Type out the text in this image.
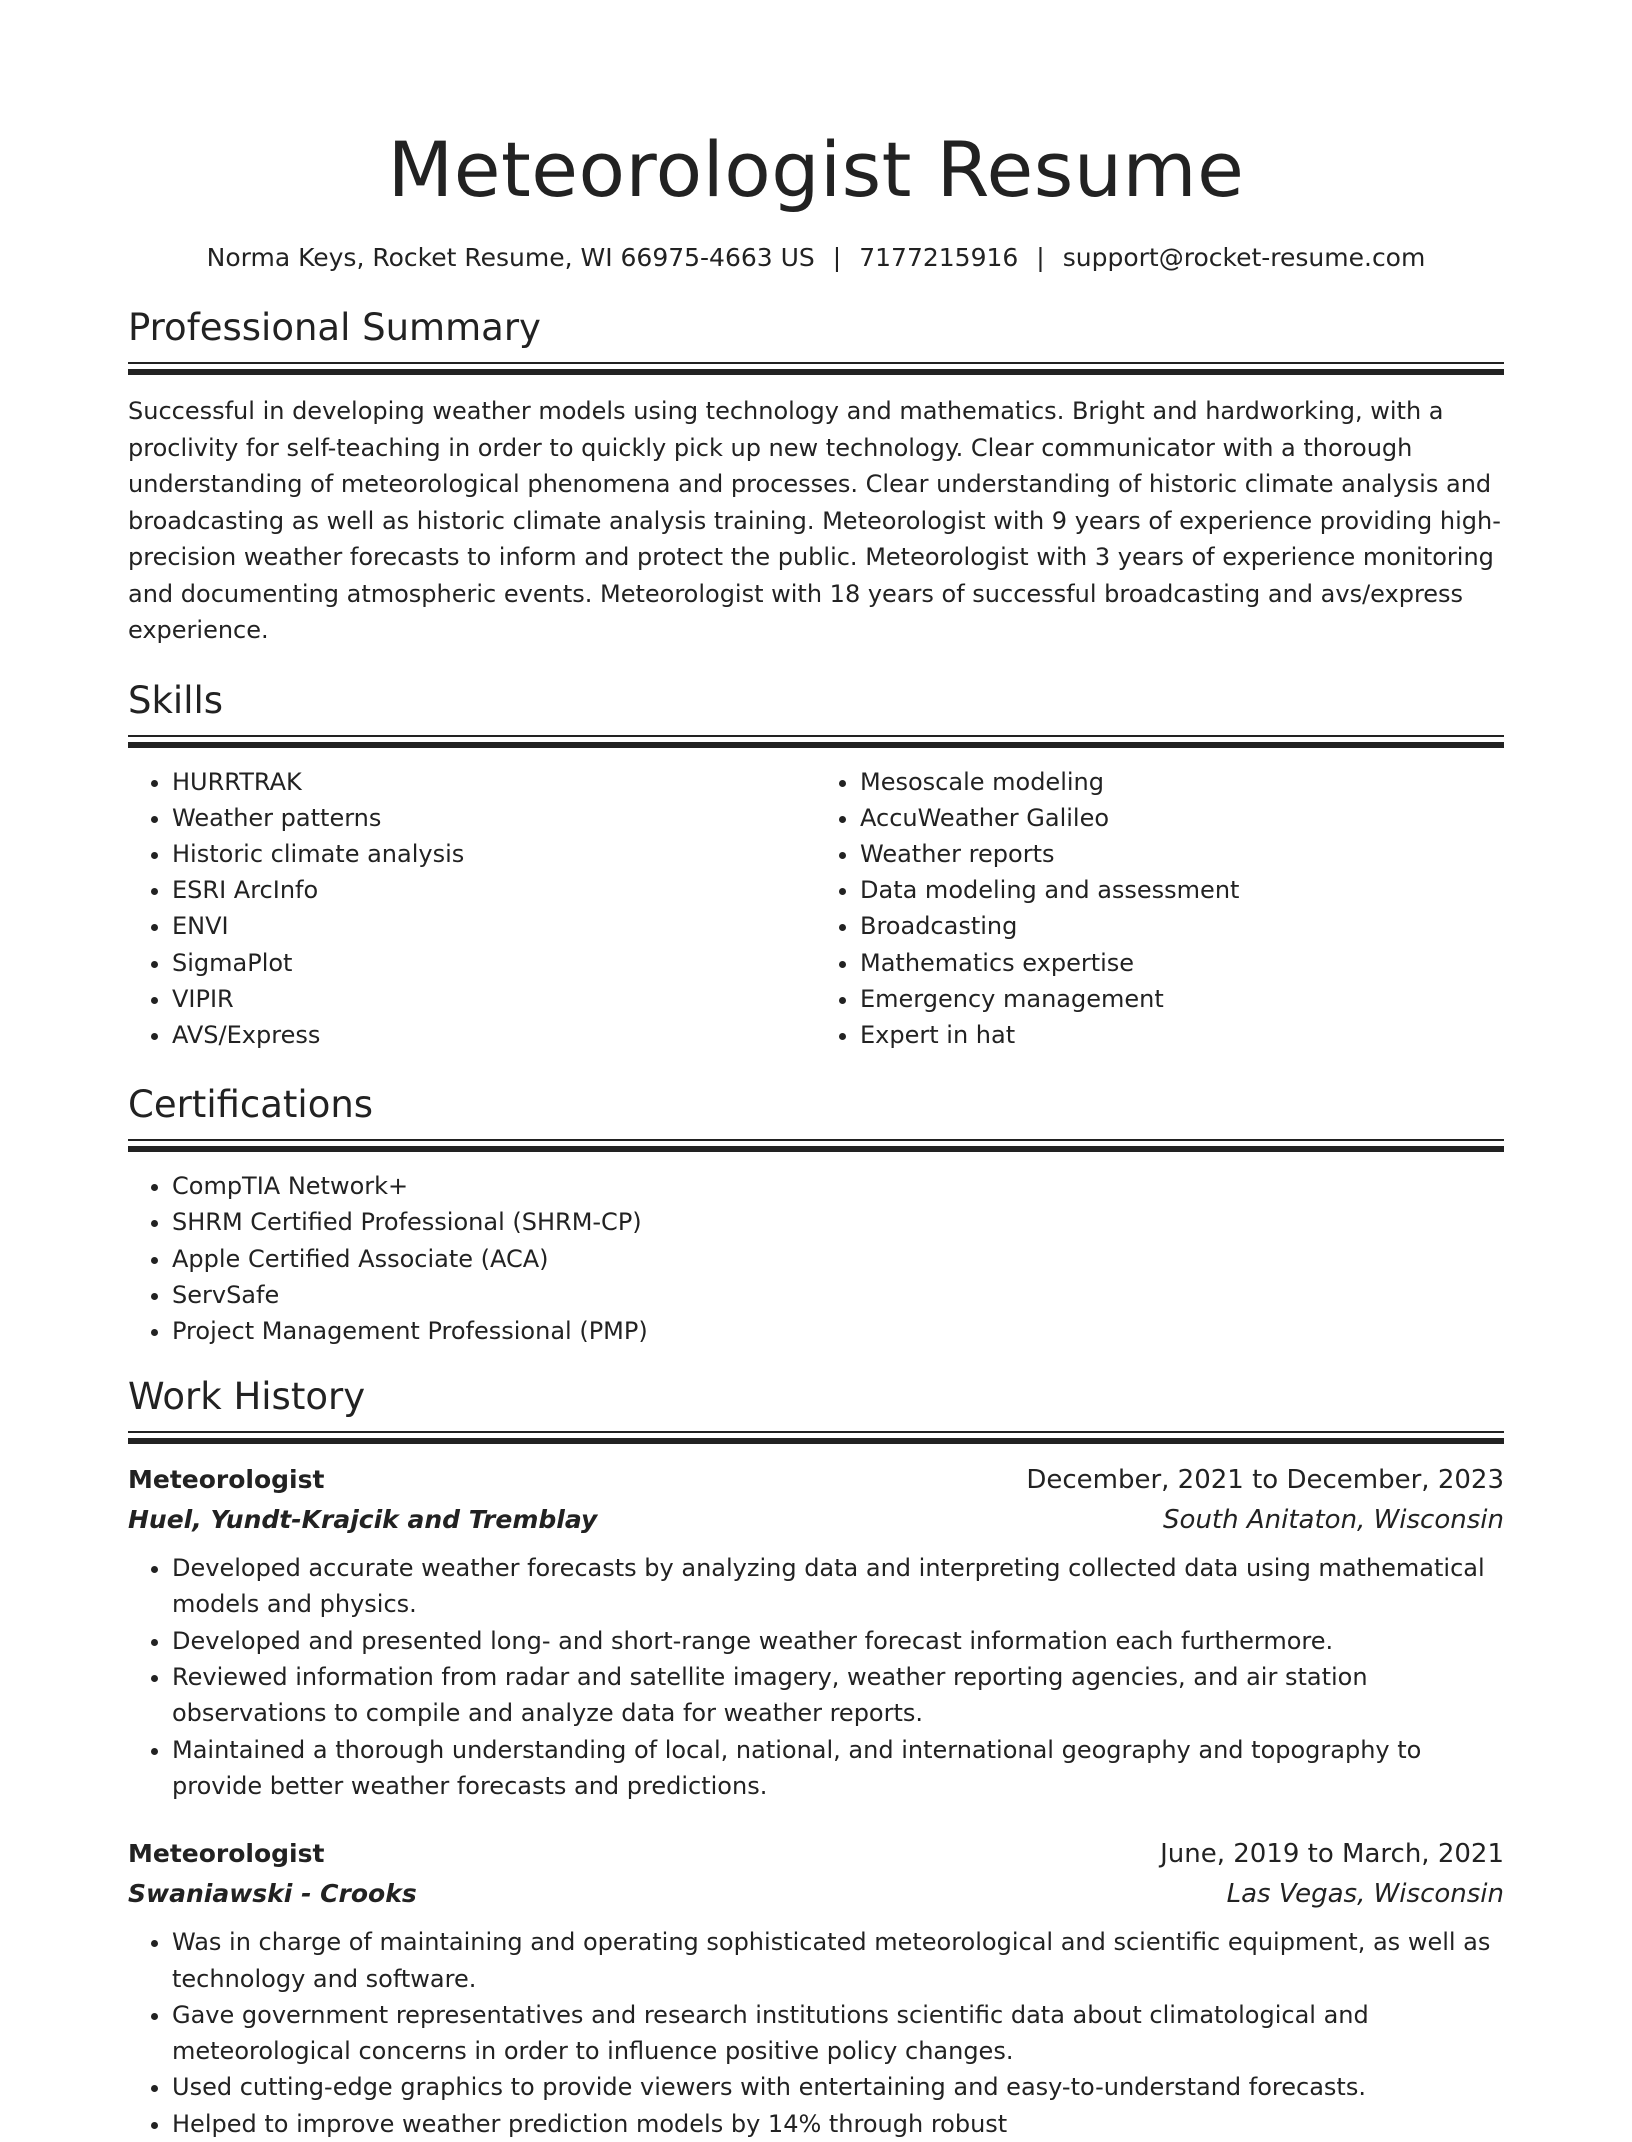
Meteorologist Resume
Norma Keys, Rocket Resume, WI 66975-4663 US | 7177215916 | support@rocket-resume.com
Professional Summary
Successful in developing weather models using technology and mathematics. Bright and hardworking, with a proclivity for self-teaching in order to quickly pick up new technology. Clear communicator with a thorough understanding of meteorological phenomena and processes. Clear understanding of historic climate analysis and broadcasting as well as historic climate analysis training. Meteorologist with 9 years of experience providing high-precision weather forecasts to inform and protect the public. Meteorologist with 3 years of experience monitoring and documenting atmospheric events. Meteorologist with 18 years of successful broadcasting and avs/express experience.
Skills
• HURRTRAK
• Weather patterns
• Historic climate analysis
• ESRI ArcInfo
• ENVI
• SigmaPlot
• VIPIR
• AVS/Express
• Mesoscale modeling
• AccuWeather Galileo
• Weather reports
• Data modeling and assessment
• Broadcasting
• Mathematics expertise
• Emergency management
• Expert in hat
Certifications
• CompTIA Network+
• SHRM Certified Professional (SHRM-CP)
• Apple Certified Associate (ACA)
• ServSafe
• Project Management Professional (PMP)
Work History
Meteorologist	December, 2021 to December, 2023
Huel, Yundt-Krajcik and Tremblay	South Anitaton, Wisconsin
• Developed accurate weather forecasts by analyzing data and interpreting collected data using mathematical models and physics.
• Developed and presented long- and short-range weather forecast information each furthermore.
• Reviewed information from radar and satellite imagery, weather reporting agencies, and air station observations to compile and analyze data for weather reports.
• Maintained a thorough understanding of local, national, and international geography and topography to provide better weather forecasts and predictions.
Meteorologist	June, 2019 to March, 2021
Swaniawski - Crooks	Las Vegas, Wisconsin
• Was in charge of maintaining and operating sophisticated meteorological and scientific equipment, as well as technology and software.
• Gave government representatives and research institutions scientific data about climatological and meteorological concerns in order to influence positive policy changes.
• Used cutting-edge graphics to provide viewers with entertaining and easy-to-understand forecasts.
• Helped to improve weather prediction models by 14% through robust
